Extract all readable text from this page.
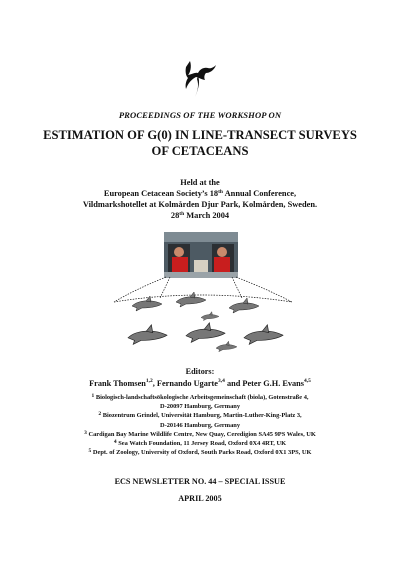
PROCEEDINGS OF THE WORKSHOP ON
ESTIMATION OF G(0) IN LINE-TRANSECT SURVEYS
OF CETACEANS
Held at the
European Cetacean Society’s 18th Annual Conference,
Vildmarkshotellet at Kolmården Djur Park, Kolmården, Sweden.
28th March 2004
Editors:
Frank Thomsen$^{1,2}$, Fernando Ugarte$^{3,4}$ and Peter G.H. Evans$^{4,5}$
$^1$ Biologisch-landschaftsökologische Arbeitsgemeinschaft (biola), Gotenstraße 4,
D-20097 Hamburg, Germany
$^2$ Biozentrum Grindel, Universität Hamburg, Martin-Luther-King-Platz 3,
D-20146 Hamburg, Germany
$^3$ Cardigan Bay Marine Wildlife Centre, New Quay, Ceredigion SA45 9PS Wales, UK
$^4$ Sea Watch Foundation, 11 Jersey Road, Oxford 0X4 4RT, UK
$^5$ Dept. of Zoology, University of Oxford, South Parks Road, Oxford 0X1 3PS, UK
ECS NEWSLETTER NO. 44 – SPECIAL ISSUE
APRIL 2005
